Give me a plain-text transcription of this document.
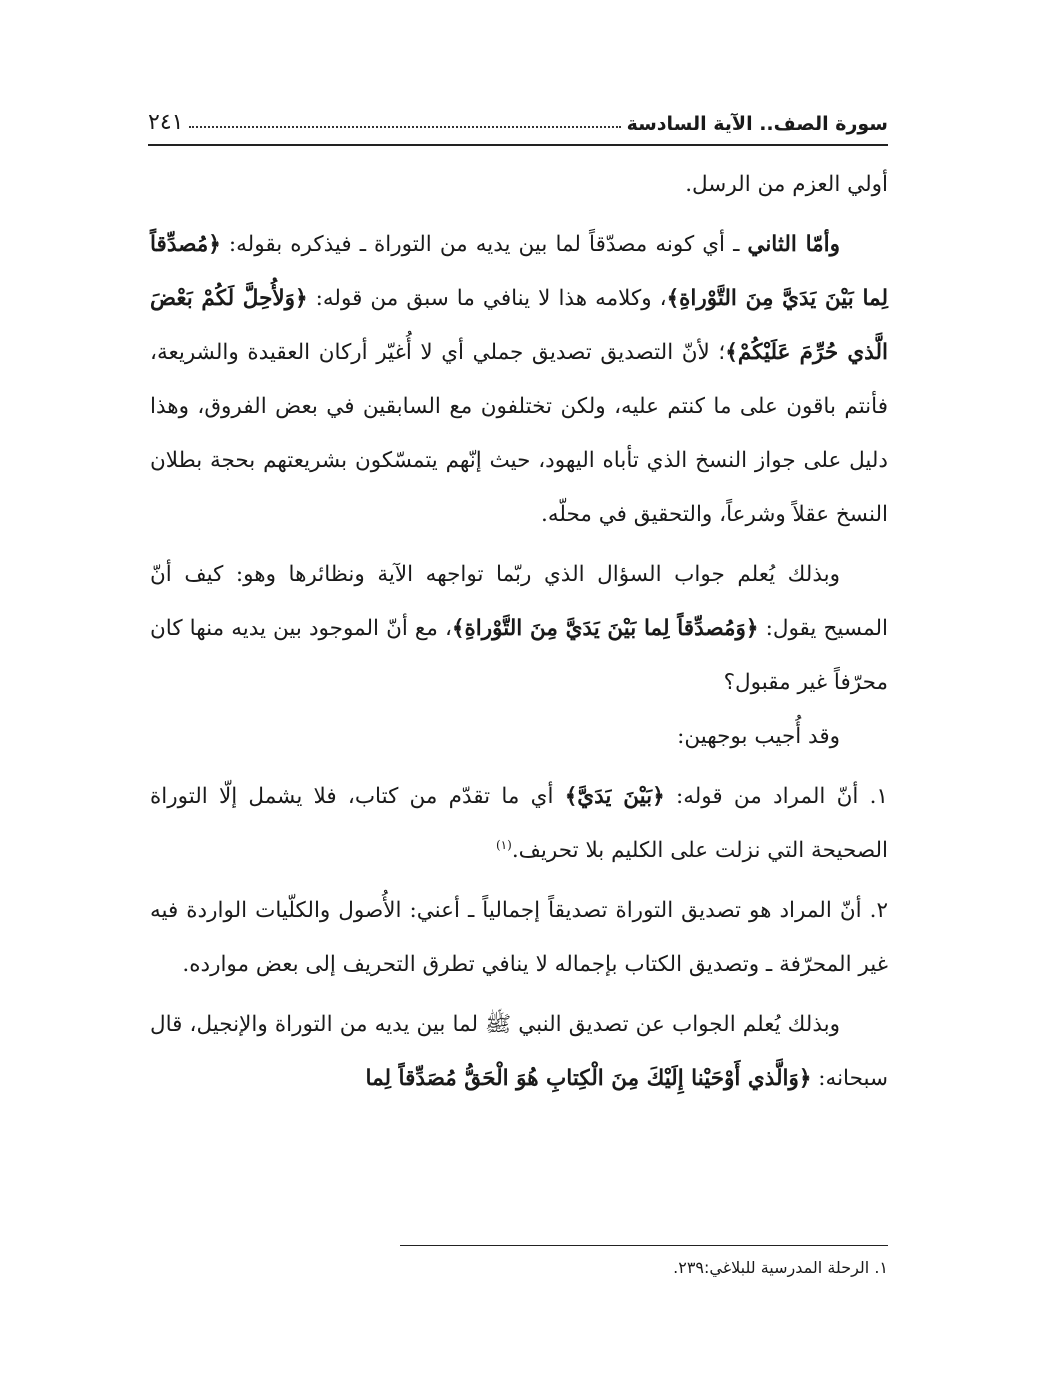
سورة الصف.. الآية السادسة
٢٤١

أولي العزم من الرسل.

وأمّا الثاني ـ أي كونه مصدّقاً لما بين يديه من التوراة ـ فيذكره بقوله: ﴿مُصدِّقاً لِما بَيْنَ يَدَيَّ مِنَ التَّوْراةِ﴾، وكلامه هذا لا ينافي ما سبق من قوله: ﴿وَلأُحِلَّ لَكُمْ بَعْضَ الَّذي حُرِّمَ عَلَيْكُمْ﴾؛ لأنّ التصديق تصديق جملي أي لا أُغيّر أركان العقيدة والشريعة، فأنتم باقون على ما كنتم عليه، ولكن تختلفون مع السابقين في بعض الفروق، وهذا دليل على جواز النسخ الذي تأباه اليهود، حيث إنّهم يتمسّكون بشريعتهم بحجة بطلان النسخ عقلاً وشرعاً، والتحقيق في محلّه.

وبذلك يُعلم جواب السؤال الذي ربّما تواجهه الآية ونظائرها وهو: كيف أنّ المسيح يقول: ﴿وَمُصدِّقاً لِما بَيْنَ يَدَيَّ مِنَ التَّوْراةِ﴾، مع أنّ الموجود بين يديه منها كان محرّفاً غير مقبول؟

وقد أُجيب بوجهين:

١. أنّ المراد من قوله: ﴿بَيْنَ يَدَيَّ﴾ أي ما تقدّم من كتاب، فلا يشمل إلّا التوراة الصحيحة التي نزلت على الكليم بلا تحريف.$^{(١)}$

٢. أنّ المراد هو تصديق التوراة تصديقاً إجمالياً ـ أعني: الأُصول والكلّيات الواردة فيه غير المحرّفة ـ وتصديق الكتاب بإجماله لا ينافي تطرق التحريف إلى بعض موارده.

وبذلك يُعلم الجواب عن تصديق النبي ﷺ لما بين يديه من التوراة والإنجيل، قال سبحانه: ﴿وَالَّذي أَوْحَيْنا إِلَيْكَ مِنَ الْكِتابِ هُوَ الْحَقُّ مُصَدِّقاً لِما

١. الرحلة المدرسية للبلاغي:٢٣٩.
